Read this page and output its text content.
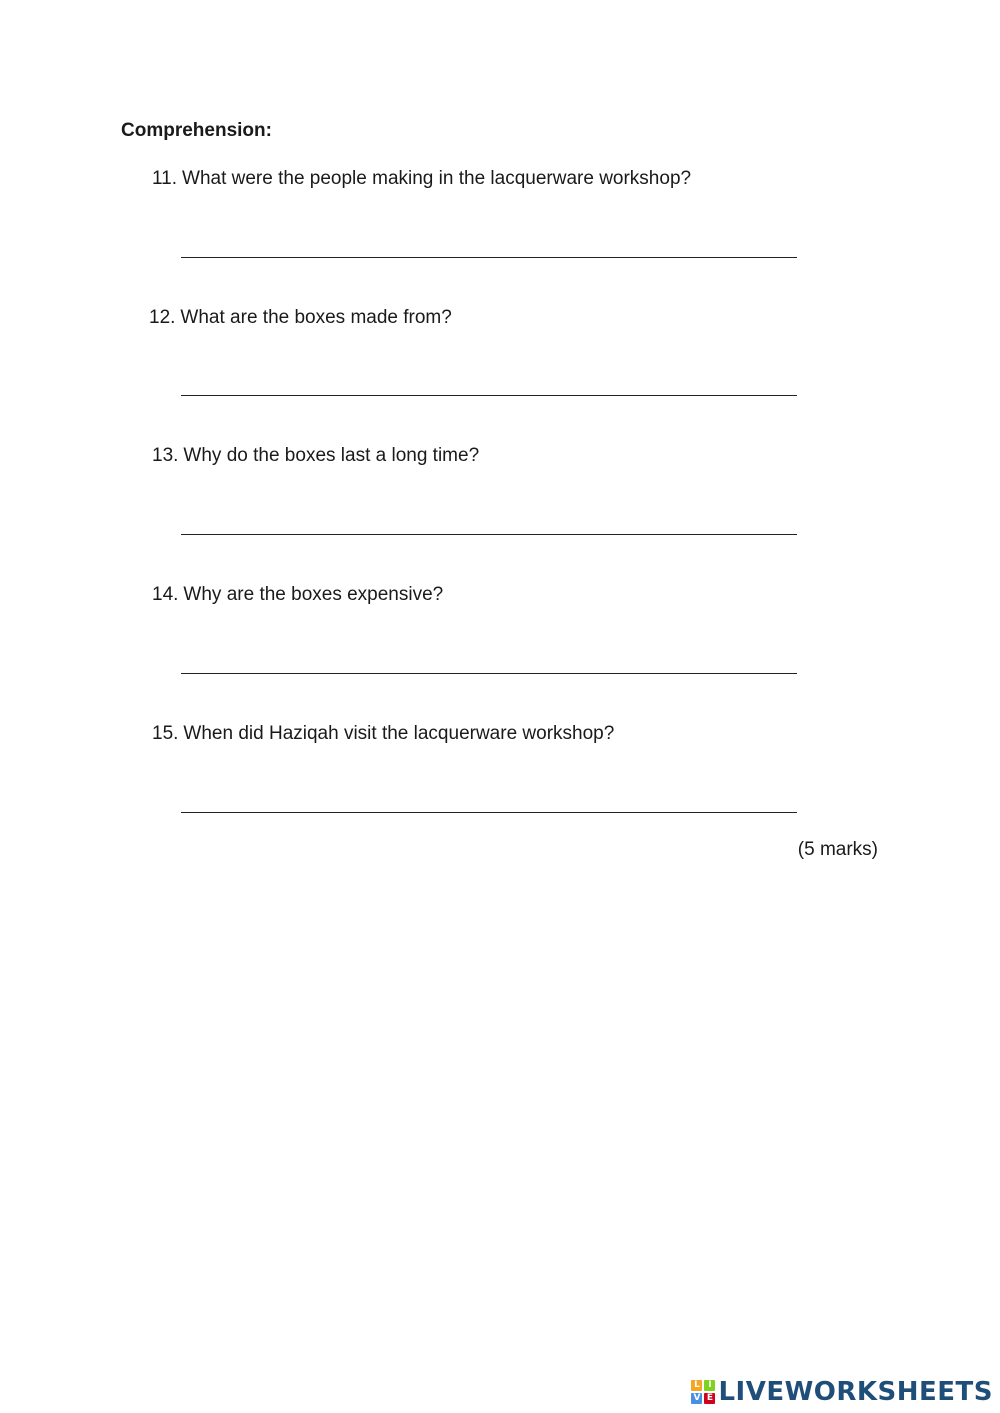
Comprehension:
11. What were the people making in the lacquerware workshop?
12. What are the boxes made from?
13. Why do the boxes last a long time?
14. Why are the boxes expensive?
15. When did Haziqah visit the lacquerware workshop?
(5 marks)
L I
V E LIVEWORKSHEETS
